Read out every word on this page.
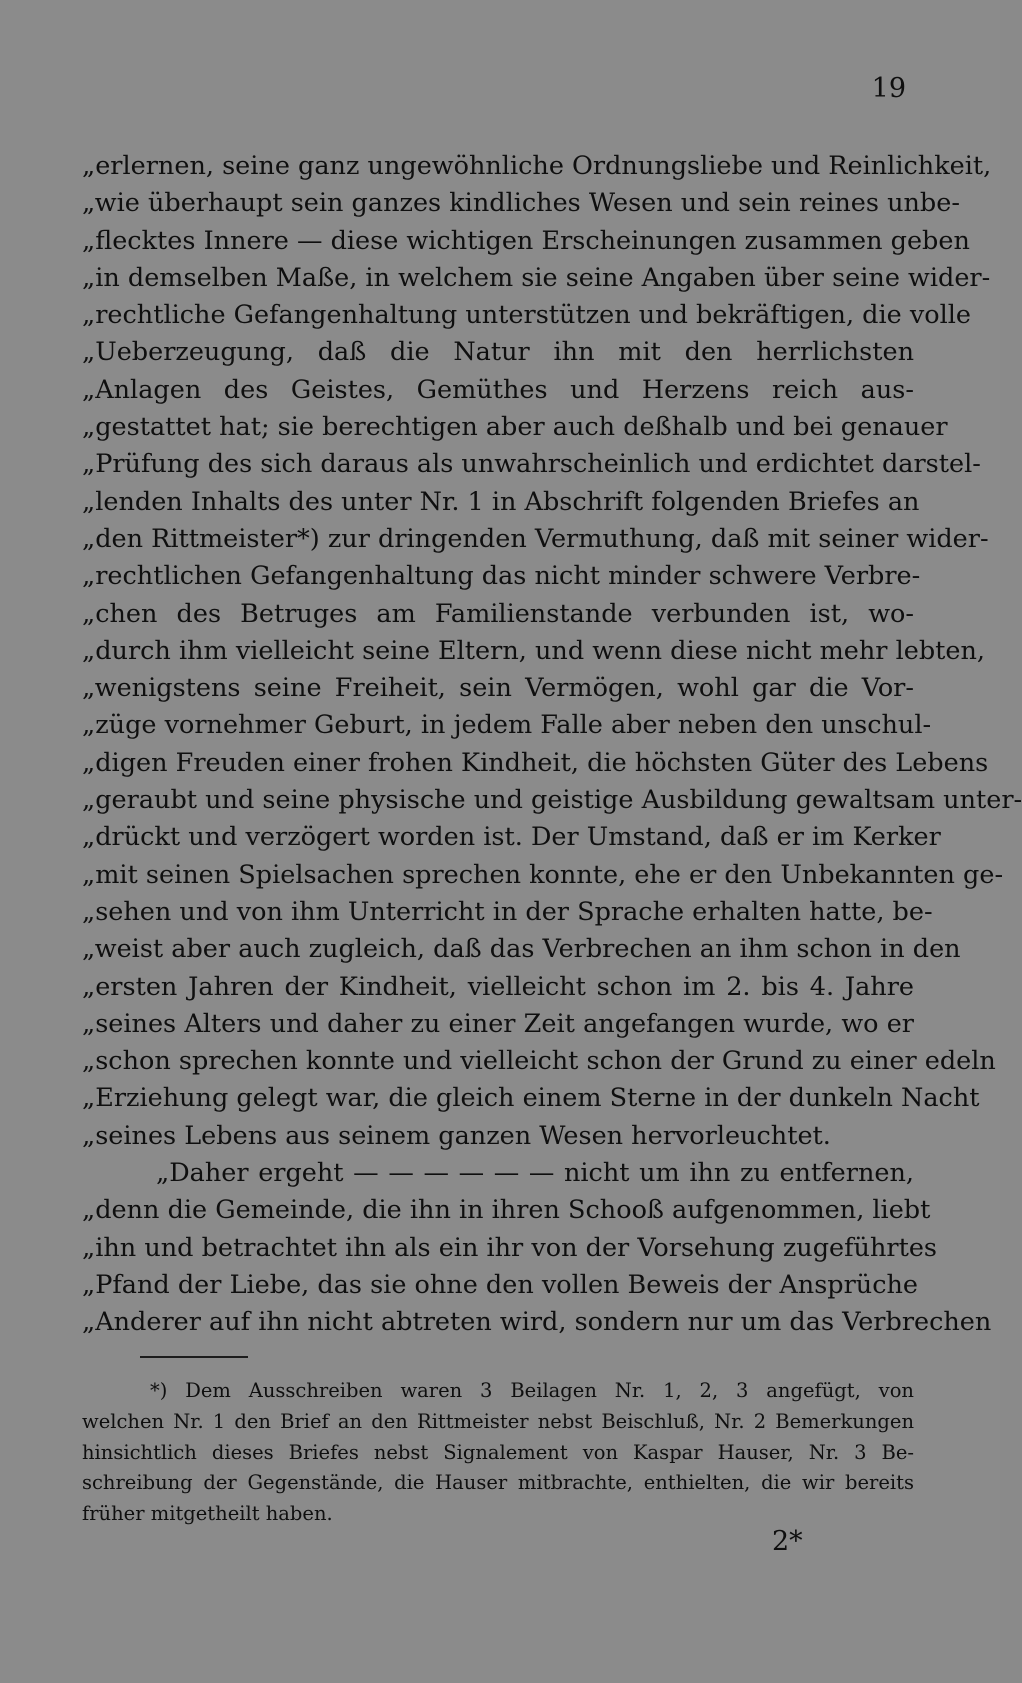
19
„erlernen, seine ganz ungewöhnliche Ordnungsliebe und Reinlichkeit,
„wie überhaupt sein ganzes kindliches Wesen und sein reines unbe-
„flecktes Innere — diese wichtigen Erscheinungen zusammen geben
„in demselben Maße, in welchem sie seine Angaben über seine wider-
„rechtliche Gefangenhaltung unterstützen und bekräftigen, die volle
„Ueberzeugung, daß die Natur ihn mit den herrlichsten
„Anlagen des Geistes, Gemüthes und Herzens reich aus-
„gestattet hat; sie berechtigen aber auch deßhalb und bei genauer
„Prüfung des sich daraus als unwahrscheinlich und erdichtet darstel-
„lenden Inhalts des unter Nr. 1 in Abschrift folgenden Briefes an
„den Rittmeister*) zur dringenden Vermuthung, daß mit seiner wider-
„rechtlichen Gefangenhaltung das nicht minder schwere Verbre-
„chen des Betruges am Familienstande verbunden ist, wo-
„durch ihm vielleicht seine Eltern, und wenn diese nicht mehr lebten,
„wenigstens seine Freiheit, sein Vermögen, wohl gar die Vor-
„züge vornehmer Geburt, in jedem Falle aber neben den unschul-
„digen Freuden einer frohen Kindheit, die höchsten Güter des Lebens
„geraubt und seine physische und geistige Ausbildung gewaltsam unter-
„drückt und verzögert worden ist. Der Umstand, daß er im Kerker
„mit seinen Spielsachen sprechen konnte, ehe er den Unbekannten ge-
„sehen und von ihm Unterricht in der Sprache erhalten hatte, be-
„weist aber auch zugleich, daß das Verbrechen an ihm schon in den
„ersten Jahren der Kindheit, vielleicht schon im 2. bis 4. Jahre
„seines Alters und daher zu einer Zeit angefangen wurde, wo er
„schon sprechen konnte und vielleicht schon der Grund zu einer edeln
„Erziehung gelegt war, die gleich einem Sterne in der dunkeln Nacht
„seines Lebens aus seinem ganzen Wesen hervorleuchtet.
„Daher ergeht — — — — — — nicht um ihn zu entfernen,
„denn die Gemeinde, die ihn in ihren Schooß aufgenommen, liebt
„ihn und betrachtet ihn als ein ihr von der Vorsehung zugeführtes
„Pfand der Liebe, das sie ohne den vollen Beweis der Ansprüche
„Anderer auf ihn nicht abtreten wird, sondern nur um das Verbrechen
*) Dem Ausschreiben waren 3 Beilagen Nr. 1, 2, 3 angefügt, von
welchen Nr. 1 den Brief an den Rittmeister nebst Beischluß, Nr. 2 Bemerkungen
hinsichtlich dieses Briefes nebst Signalement von Kaspar Hauser, Nr. 3 Be-
schreibung der Gegenstände, die Hauser mitbrachte, enthielten, die wir bereits
früher mitgetheilt haben.
2*
